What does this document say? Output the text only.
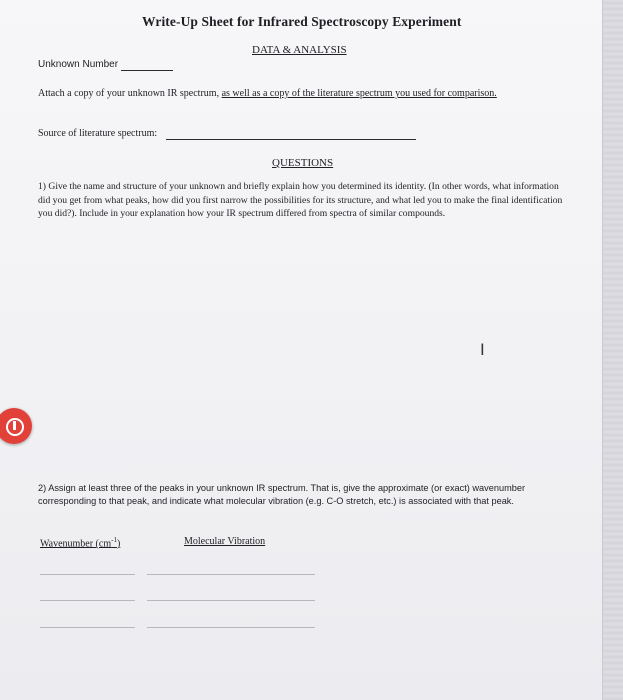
Write-Up Sheet for Infrared Spectroscopy Experiment
DATA & ANALYSIS
Unknown Number
Attach a copy of your unknown IR spectrum, as well as a copy of the literature spectrum you used for comparison.
Source of literature spectrum:
QUESTIONS
1) Give the name and structure of your unknown and briefly explain how you determined its identity. (In other words, what information did you get from what peaks, how did you first narrow the possibilities for its structure, and what led you to make the final identification you did?). Include in your explanation how your IR spectrum differed from spectra of similar compounds.
I
2) Assign at least three of the peaks in your unknown IR spectrum. That is, give the approximate (or exact) wavenumber corresponding to that peak, and indicate what molecular vibration (e.g. C-O stretch, etc.) is associated with that peak.
Wavenumber $(cm^{-1})$	Molecular Vibration
